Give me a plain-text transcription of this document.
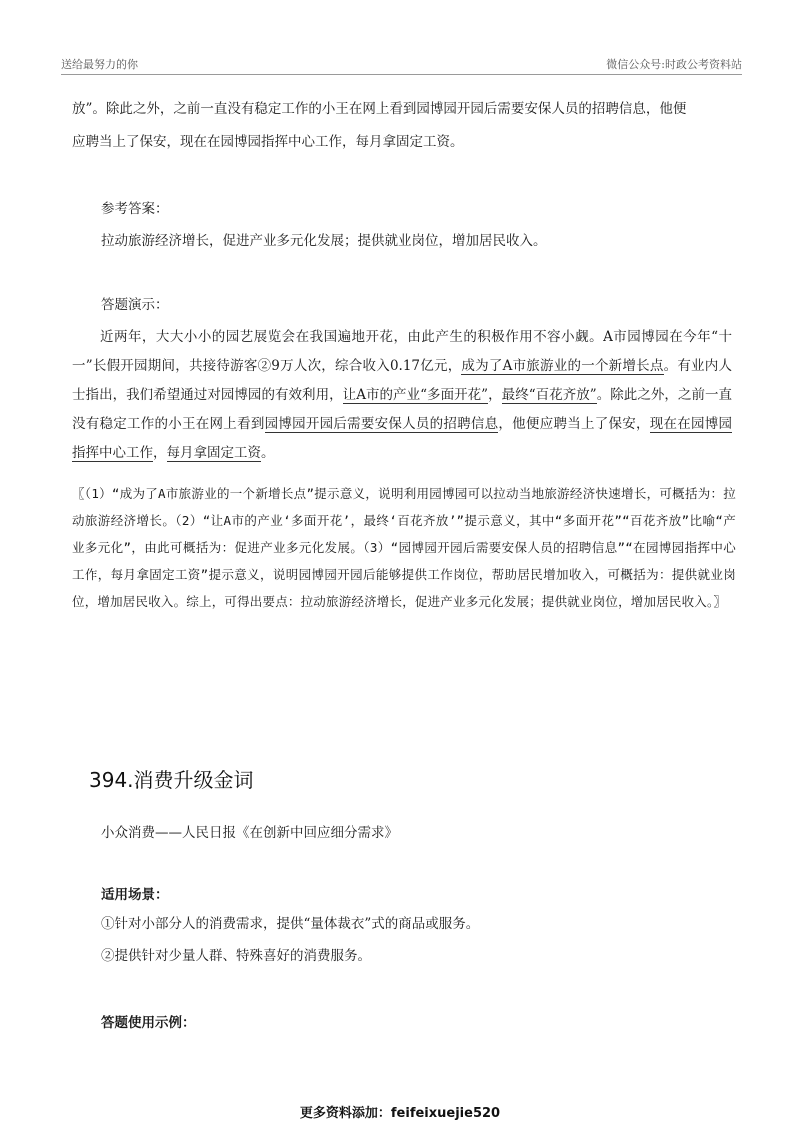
送给最努力的你	微信公众号:时政公考资料站

放”。除此之外，之前一直没有稳定工作的小王在网上看到园博园开园后需要安保人员的招聘信息，他便

应聘当上了保安，现在在园博园指挥中心工作，每月拿固定工资。

参考答案：

拉动旅游经济增长，促进产业多元化发展；提供就业岗位，增加居民收入。

答题演示：

近两年，大大小小的园艺展览会在我国遍地开花，由此产生的积极作用不容小觑。A市园博园在今年“十一”长假开园期间，共接待游客②9万人次，综合收入0.17亿元，成为了A市旅游业的一个新增长点。有业内人士指出，我们希望通过对园博园的有效利用，让A市的产业“多面开花”，最终“百花齐放”。除此之外，之前一直没有稳定工作的小王在网上看到园博园开园后需要安保人员的招聘信息，他便应聘当上了保安，现在在园博园指挥中心工作，每月拿固定工资。

〖（1）“成为了A市旅游业的一个新增长点”提示意义，说明利用园博园可以拉动当地旅游经济快速增长，可概括为：拉动旅游经济增长。（2）“让A市的产业‘多面开花’，最终‘百花齐放’”提示意义，其中“多面开花”“百花齐放”比喻“产业多元化”，由此可概括为：促进产业多元化发展。（3）“园博园开园后需要安保人员的招聘信息”“在园博园指挥中心工作，每月拿固定工资”提示意义，说明园博园开园后能够提供工作岗位，帮助居民增加收入，可概括为：提供就业岗位，增加居民收入。综上，可得出要点：拉动旅游经济增长，促进产业多元化发展；提供就业岗位，增加居民收入。〗
394.消费升级金词

小众消费——人民日报《在创新中回应细分需求》

适用场景：

①针对小部分人的消费需求，提供“量体裁衣”式的商品或服务。

②提供针对少量人群、特殊喜好的消费服务。

答题使用示例：

更多资料添加：feifeixuejie520
